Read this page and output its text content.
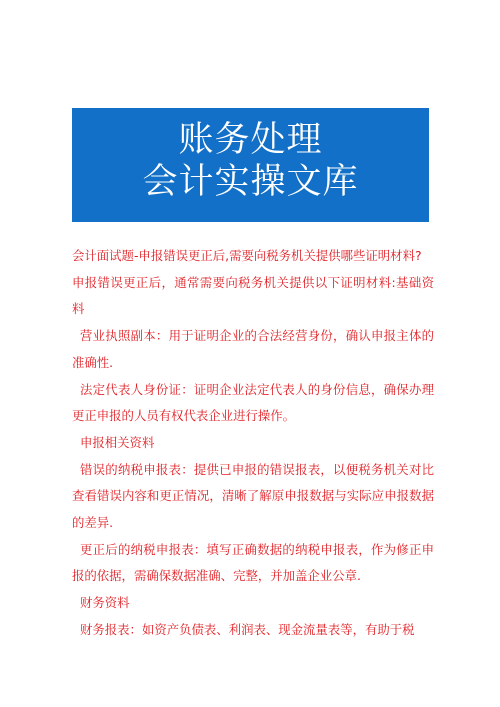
账务处理
会计实操文库

会计面试题-申报错误更正后,需要向税务机关提供哪些证明材料?

申报错误更正后，通常需要向税务机关提供以下证明材料:基础资料

营业执照副本：用于证明企业的合法经营身份，确认申报主体的准确性.

法定代表人身份证：证明企业法定代表人的身份信息，确保办理更正申报的人员有权代表企业进行操作。

申报相关资料

错误的纳税申报表：提供已申报的错误报表，以便税务机关对比查看错误内容和更正情况，清晰了解原申报数据与实际应申报数据的差异.

更正后的纳税申报表：填写正确数据的纳税申报表，作为修正申报的依据，需确保数据准确、完整，并加盖企业公章.

财务资料

财务报表：如资产负债表、利润表、现金流量表等，有助于税
